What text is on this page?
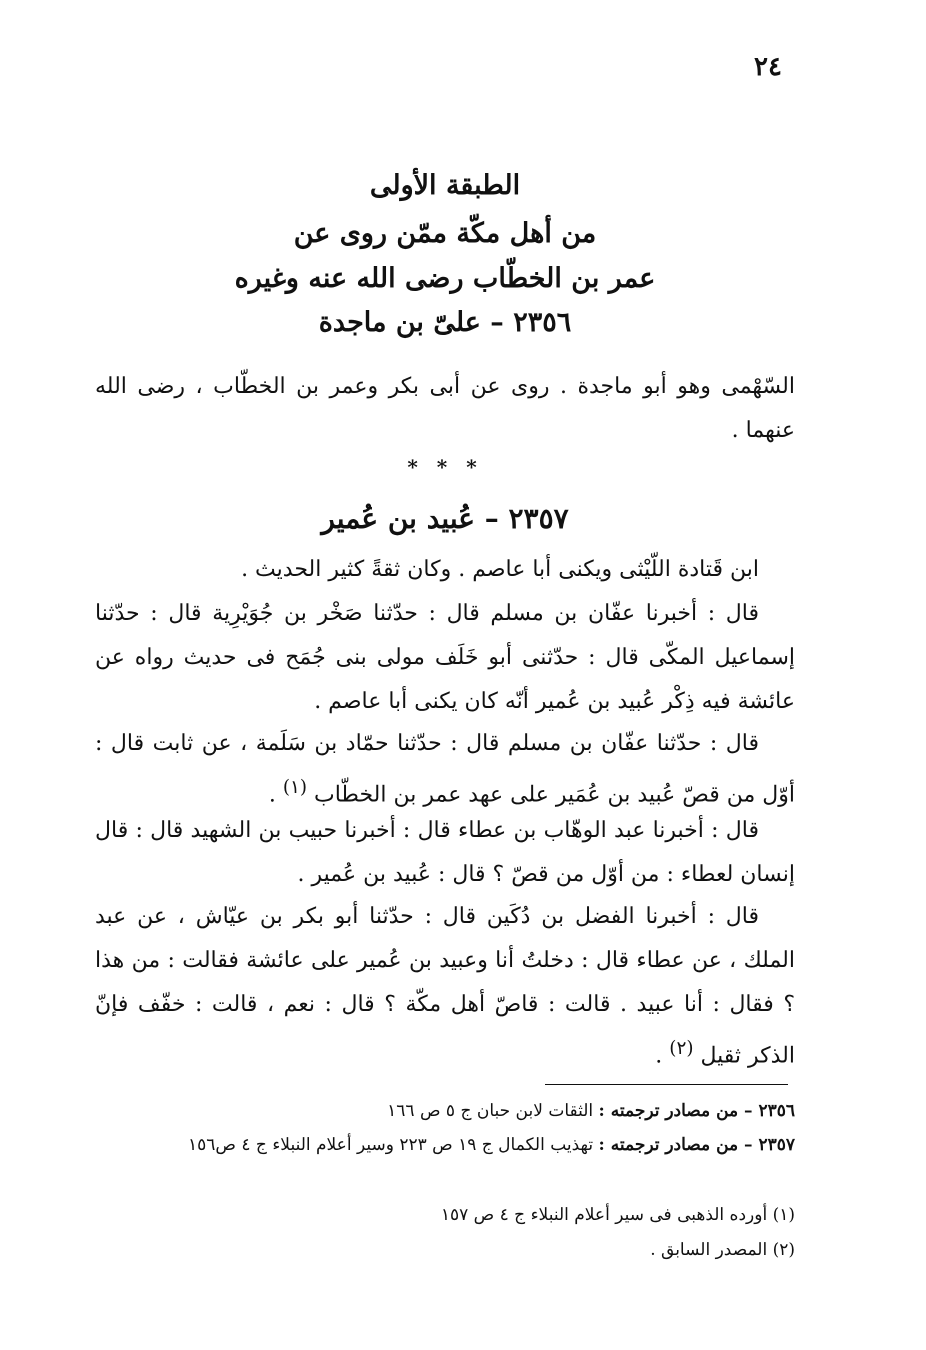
٢٤
الطبقة الأولى
من أهل مكّة ممّن روى عن
عمر بن الخطّاب رضى الله عنه وغيره
٢٣٥٦ – علىّ بن ماجدة
السّهْمى وهو أبو ماجدة . روى عن أبى بكر وعمر بن الخطّاب ، رضى الله عنهما .
* * *
٢٣٥٧ – عُبيد بن عُمير
ابن قَتادة اللّيْثى ويكنى أبا عاصم . وكان ثقةً كثير الحديث .
قال : أخبرنا عفّان بن مسلم قال : حدّثنا صَخْر بن جُوَيْرِية قال : حدّثنا إسماعيل المكّى قال : حدّثنى أبو خَلَف مولى بنى جُمَح فى حديث رواه عن عائشة فيه ذِكْر عُبيد بن عُمير أنّه كان يكنى أبا عاصم .
قال : حدّثنا عفّان بن مسلم قال : حدّثنا حمّاد بن سَلَمة ، عن ثابت قال : أوّل من قصّ عُبيد بن عُمَير على عهد عمر بن الخطّاب $^{(١)}$ .
قال : أخبرنا عبد الوهّاب بن عطاء قال : أخبرنا حبيب بن الشهيد قال : قال إنسان لعطاء : من أوّل من قصّ ؟ قال : عُبيد بن عُمير .
قال : أخبرنا الفضل بن دُكَين قال : حدّثنا أبو بكر بن عيّاش ، عن عبد الملك ، عن عطاء قال : دخلتُ أنا وعبيد بن عُمير على عائشة فقالت : من هذا ؟ فقال : أنا عبيد . قالت : قاصّ أهل مكّة ؟ قال : نعم ، قالت : خفّف فإنّ الذكر ثقيل $^{(٢)}$ .
٢٣٥٦ – من مصادر ترجمته : الثقات لابن حبان ج ٥ ص ١٦٦
٢٣٥٧ – من مصادر ترجمته : تهذيب الكمال ج ١٩ ص ٢٢٣ وسير أعلام النبلاء ج ٤ ص١٥٦
(١) أورده الذهبى فى سير أعلام النبلاء ج ٤ ص ١٥٧
(٢) المصدر السابق .
